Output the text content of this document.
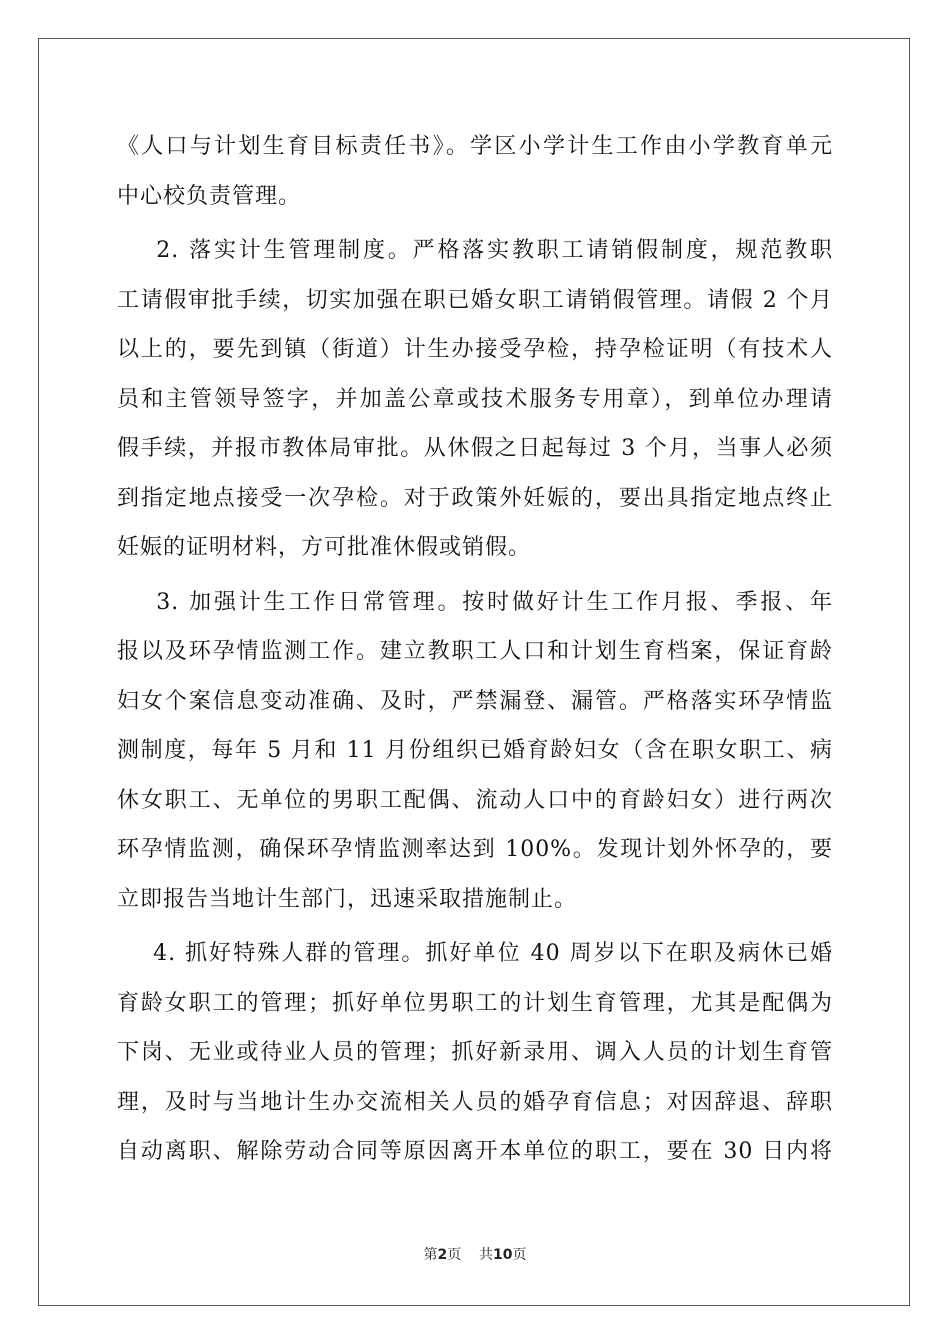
《人口与计划生育目标责任书》。学区小学计生工作由小学教育单元
中心校负责管理。
2. 落实计生管理制度。严格落实教职工请销假制度，规范教职
工请假审批手续，切实加强在职已婚女职工请销假管理。请假 2 个月
以上的，要先到镇（街道）计生办接受孕检，持孕检证明（有技术人
员和主管领导签字，并加盖公章或技术服务专用章），到单位办理请
假手续，并报市教体局审批。从休假之日起每过 3 个月，当事人必须
到指定地点接受一次孕检。对于政策外妊娠的，要出具指定地点终止
妊娠的证明材料，方可批准休假或销假。
3. 加强计生工作日常管理。按时做好计生工作月报、季报、年
报以及环孕情监测工作。建立教职工人口和计划生育档案，保证育龄
妇女个案信息变动准确、及时，严禁漏登、漏管。严格落实环孕情监
测制度，每年 5 月和 11 月份组织已婚育龄妇女（含在职女职工、病
休女职工、无单位的男职工配偶、流动人口中的育龄妇女）进行两次
环孕情监测，确保环孕情监测率达到 100%。发现计划外怀孕的，要
立即报告当地计生部门，迅速采取措施制止。
4. 抓好特殊人群的管理。抓好单位 40 周岁以下在职及病休已婚
育龄女职工的管理；抓好单位男职工的计划生育管理，尤其是配偶为
下岗、无业或待业人员的管理；抓好新录用、调入人员的计划生育管
理，及时与当地计生办交流相关人员的婚孕育信息；对因辞退、辞职
自动离职、解除劳动合同等原因离开本单位的职工，要在 30 日内将
第2页    共10页
